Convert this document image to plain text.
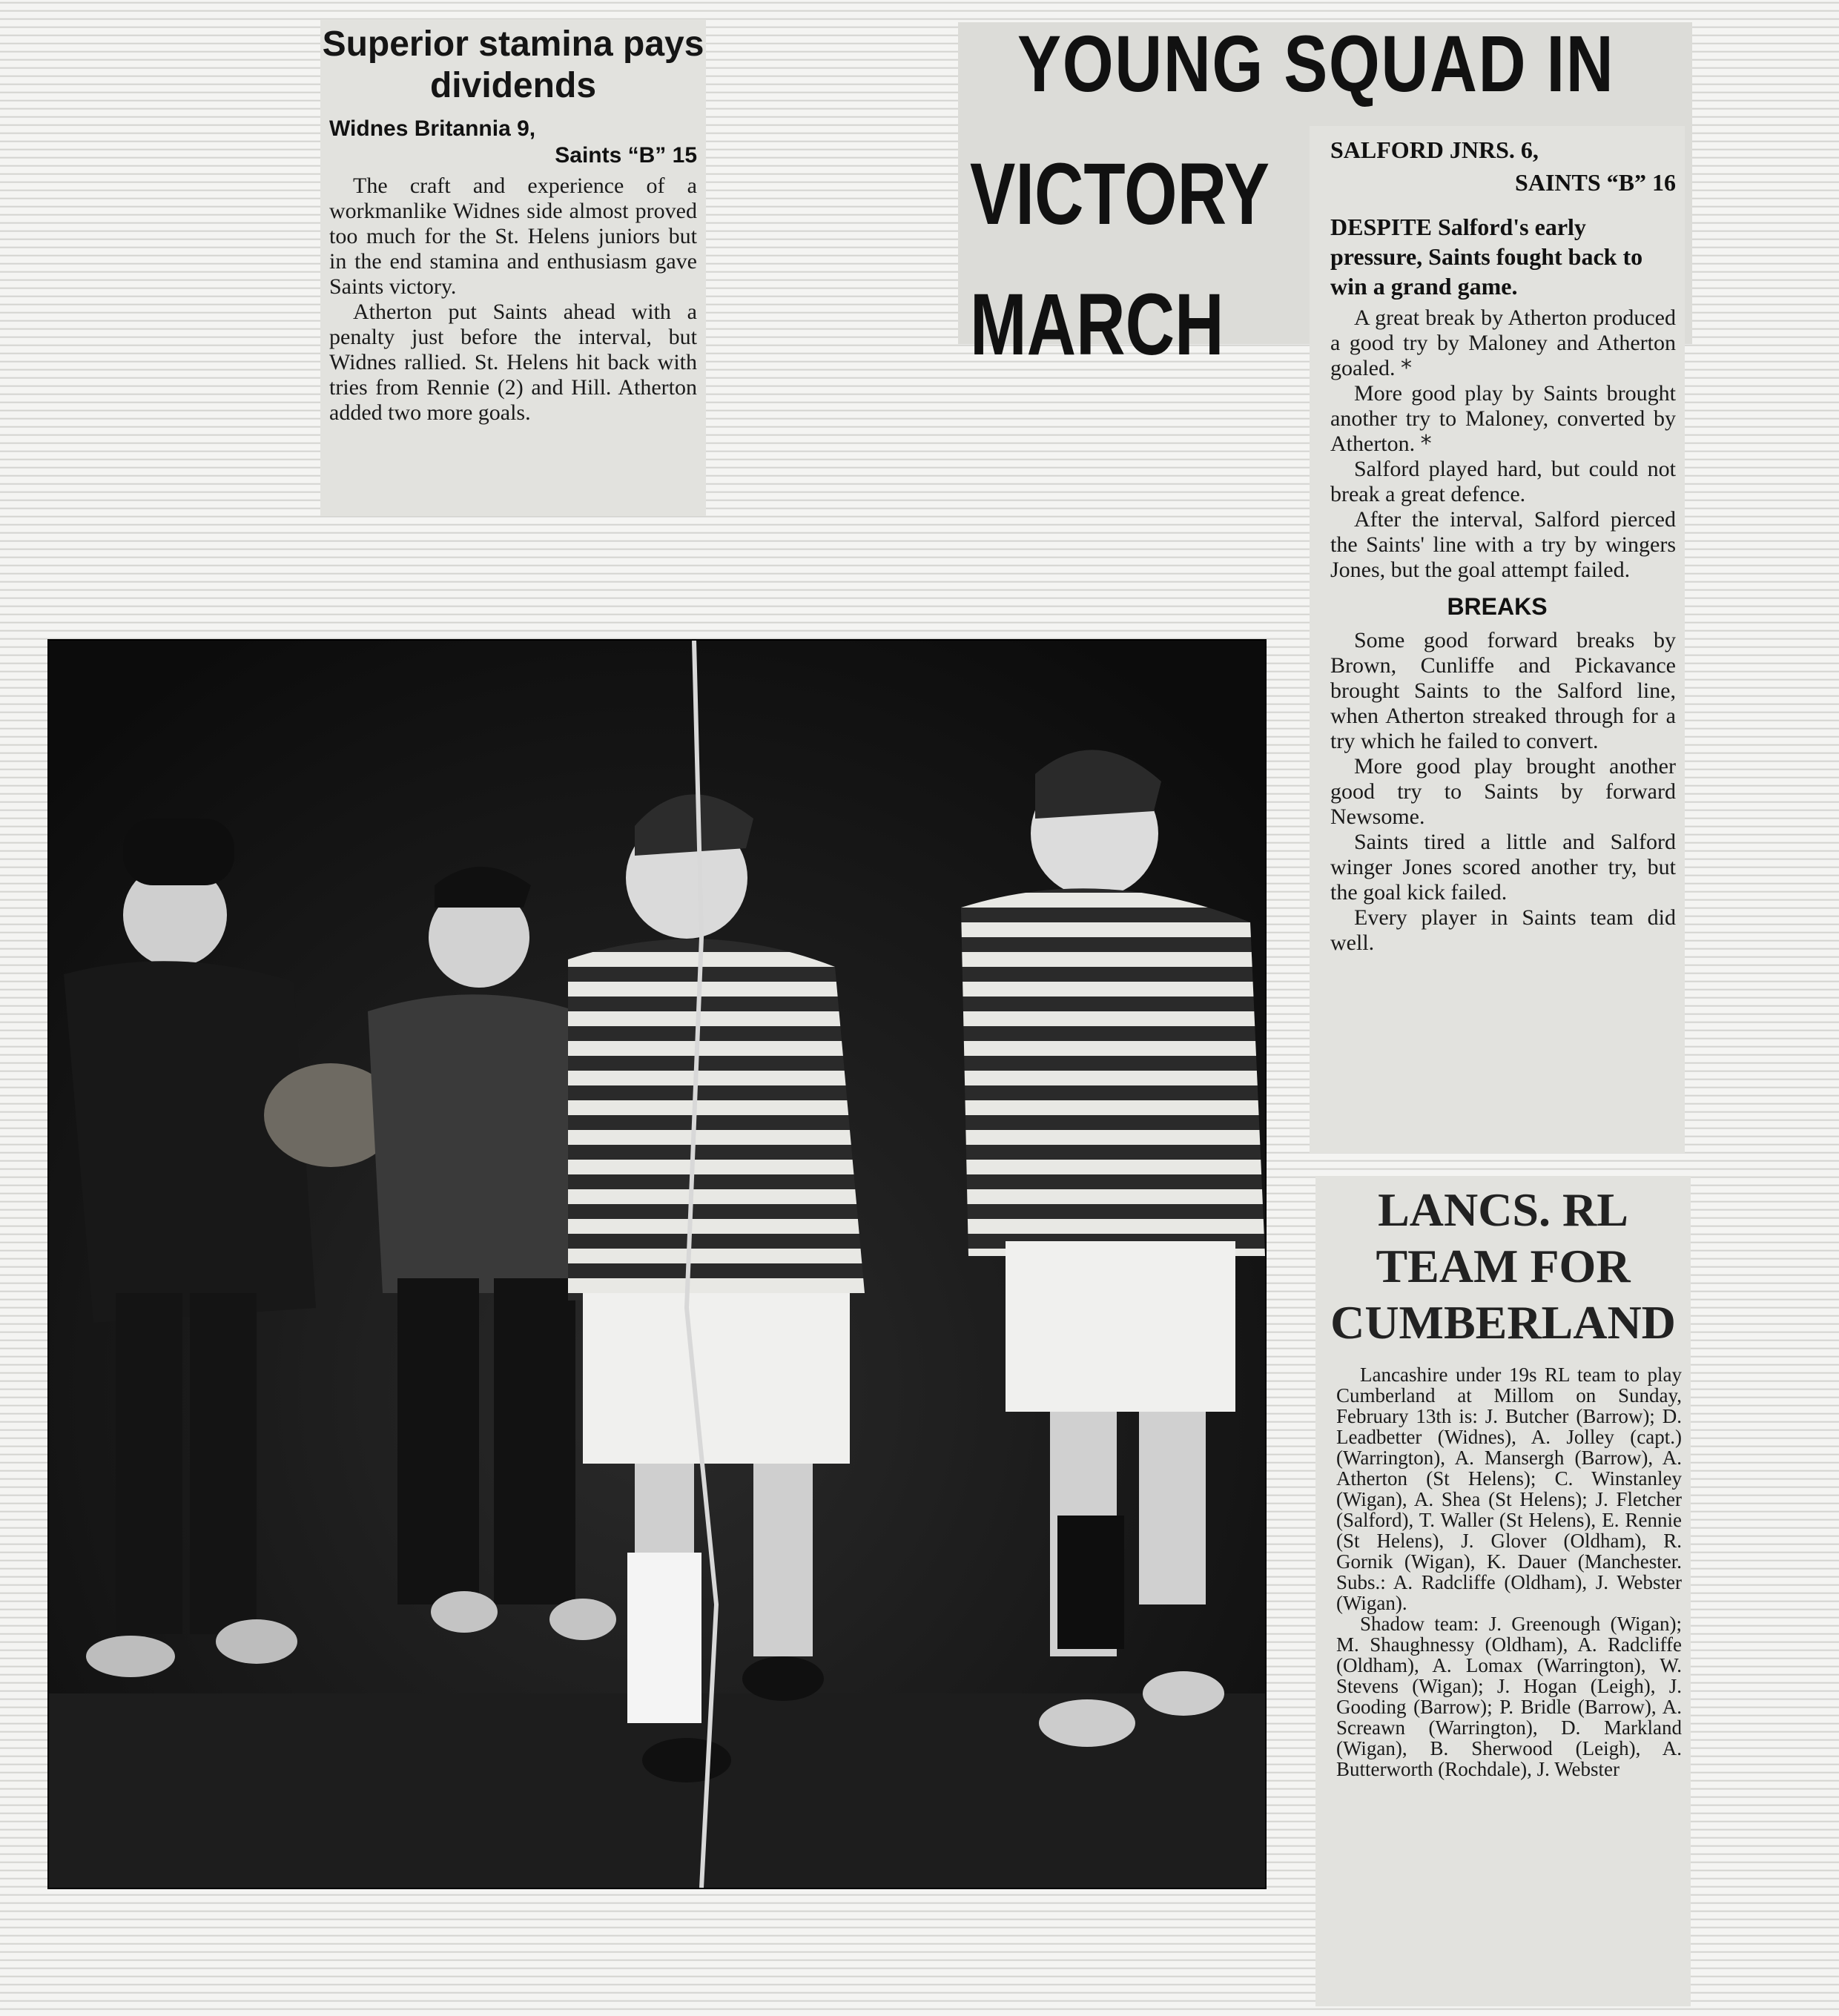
Superior stamina pays dividends
Widnes Britannia 9,
Saints “B” 15

The craft and experience of a workmanlike Widnes side almost proved too much for the St. Helens juniors but in the end stamina and enthusiasm gave Saints victory.

Atherton put Saints ahead with a penalty just before the interval, but Widnes rallied. St. Helens hit back with tries from Rennie (2) and Hill. Atherton added two more goals.

YOUNG SQUAD IN
VICTORY
MARCH
SALFORD JNRS. 6,
SAINTS “B” 16
DESPITE Salford's early pressure, Saints fought back to win a grand game.

A great break by Atherton produced a good try by Maloney and Atherton goaled. *

More good play by Saints brought another try to Maloney, converted by Atherton. *

Salford played hard, but could not break a great defence.

After the interval, Salford pierced the Saints' line with a try by wingers Jones, but the goal attempt failed.

BREAKS

Some good forward breaks by Brown, Cunliffe and Pickavance brought Saints to the Salford line, when Atherton streaked through for a try which he failed to convert.

More good play brought another good try to Saints by forward Newsome.

Saints tired a little and Salford winger Jones scored another try, but the goal kick failed.

Every player in Saints team did well.

LANCS. RL
TEAM FOR
CUMBERLAND

Lancashire under 19s RL team to play Cumberland at Millom on Sunday, February 13th is: J. Butcher (Barrow); D. Leadbetter (Widnes), A. Jolley (capt.) (Warrington), A. Mansergh (Barrow), A. Atherton (St Helens); C. Winstanley (Wigan), A. Shea (St Helens); J. Fletcher (Salford), T. Waller (St Helens), E. Rennie (St Helens), J. Glover (Oldham), R. Gornik (Wigan), K. Dauer (Manchester. Subs.: A. Radcliffe (Oldham), J. Webster (Wigan).

Shadow team: J. Greenough (Wigan); M. Shaughnessy (Oldham), A. Radcliffe (Oldham), A. Lomax (Warrington), W. Stevens (Wigan); J. Hogan (Leigh), J. Gooding (Barrow); P. Bridle (Barrow), A. Screawn (Warrington), D. Markland (Wigan), B. Sherwood (Leigh), A. Butterworth (Rochdale), J. Webster
